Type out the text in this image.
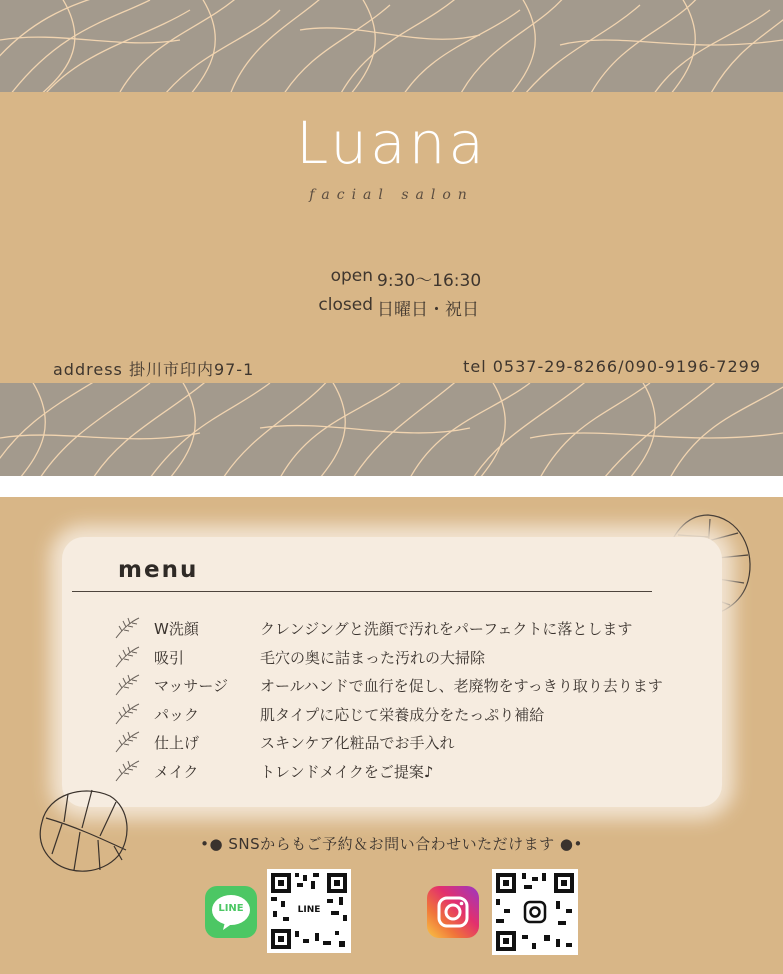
Luana
facial salon
open 9:30〜16:30
closed 日曜日・祝日
address 掛川市印内97-1	tel 0537-29-8266/090-9196-7299
menu
W洗顔	クレンジングと洗顔で汚れをパーフェクトに落とします
吸引	毛穴の奥に詰まった汚れの大掃除
マッサージ	オールハンドで血行を促し、老廃物をすっきり取り去ります
パック	肌タイプに応じて栄養成分をたっぷり補給
仕上げ	スキンケア化粧品でお手入れ
メイク	トレンドメイクをご提案♪
•● SNSからもご予約＆お問い合わせいただけます ●•
LINE	LINE
